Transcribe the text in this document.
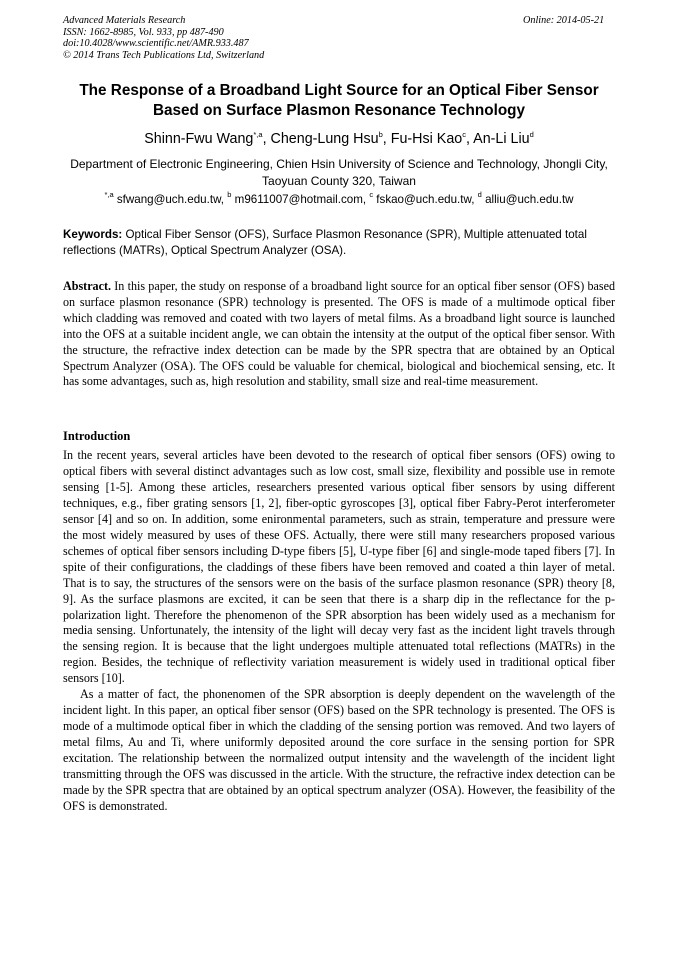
Advanced Materials Research
ISSN: 1662-8985, Vol. 933, pp 487-490
doi:10.4028/www.scientific.net/AMR.933.487
© 2014 Trans Tech Publications Ltd, Switzerland
Online: 2014-05-21
The Response of a Broadband Light Source for an Optical Fiber Sensor
Based on Surface Plasmon Resonance Technology
Shinn-Fwu Wang$^{*,a}$, Cheng-Lung Hsu$^b$, Fu-Hsi Kao$^c$, An-Li Liu$^d$
Department of Electronic Engineering, Chien Hsin University of Science and Technology, Jhongli City, Taoyuan County 320, Taiwan
$^{*,a}$ sfwang@uch.edu.tw, $^b$ m9611007@hotmail.com, $^c$ fskao@uch.edu.tw, $^d$ alliu@uch.edu.tw
Keywords: Optical Fiber Sensor (OFS), Surface Plasmon Resonance (SPR), Multiple attenuated total reflections (MATRs), Optical Spectrum Analyzer (OSA).
Abstract. In this paper, the study on response of a broadband light source for an optical fiber sensor (OFS) based on surface plasmon resonance (SPR) technology is presented. The OFS is made of a multimode optical fiber which cladding was removed and coated with two layers of metal films. As a broadband light source is launched into the OFS at a suitable incident angle, we can obtain the intensity at the output of the optical fiber sensor. With the structure, the refractive index detection can be made by the SPR spectra that are obtained by an Optical Spectrum Analyzer (OSA). The OFS could be valuable for chemical, biological and biochemical sensing, etc. It has some advantages, such as, high resolution and stability, small size and real-time measurement.
Introduction

In the recent years, several articles have been devoted to the research of optical fiber sensors (OFS) owing to optical fibers with several distinct advantages such as low cost, small size, flexibility and possible use in remote sensing [1-5]. Among these articles, researchers presented various optical fiber sensors by using different techniques, e.g., fiber grating sensors [1, 2], fiber-optic gyroscopes [3], optical fiber Fabry-Perot interferometer sensor [4] and so on. In addition, some enironmental parameters, such as strain, temperature and pressure were the most widely measured by uses of these OFS. Actually, there were still many researchers proposed various schemes of optical fiber sensors including D-type fibers [5], U-type fiber [6] and single-mode taped fibers [7]. In spite of their configurations, the claddings of these fibers have been removed and coated a thin layer of metal. That is to say, the structures of the sensors were on the basis of the surface plasmon resonance (SPR) theory [8, 9]. As the surface plasmons are excited, it can be seen that there is a sharp dip in the reflectance for the p-polarization light. Therefore the phenomenon of the SPR absorption has been widely used as a mechanism for media sensing. Unfortunately, the intensity of the light will decay very fast as the incident light travels through the sensing region. It is because that the light undergoes multiple attenuated total reflections (MATRs) in the region. Besides, the technique of reflectivity variation measurement is widely used in traditional optical fiber sensors [10].

As a matter of fact, the phonenomen of the SPR absorption is deeply dependent on the wavelength of the incident light. In this paper, an optical fiber sensor (OFS) based on the SPR technology is presented. The OFS is mode of a multimode optical fiber in which the cladding of the sensing portion was removed. And two layers of metal films, Au and Ti, where uniformly deposited around the core surface in the sensing portion for SPR excitation. The relationship between the normalized output intensity and the wavelength of the incident light transmitting through the OFS was discussed in the article. With the structure, the refractive index detection can be made by the SPR spectra that are obtained by an optical spectrum analyzer (OSA). However, the feasibility of the OFS is demonstrated.
